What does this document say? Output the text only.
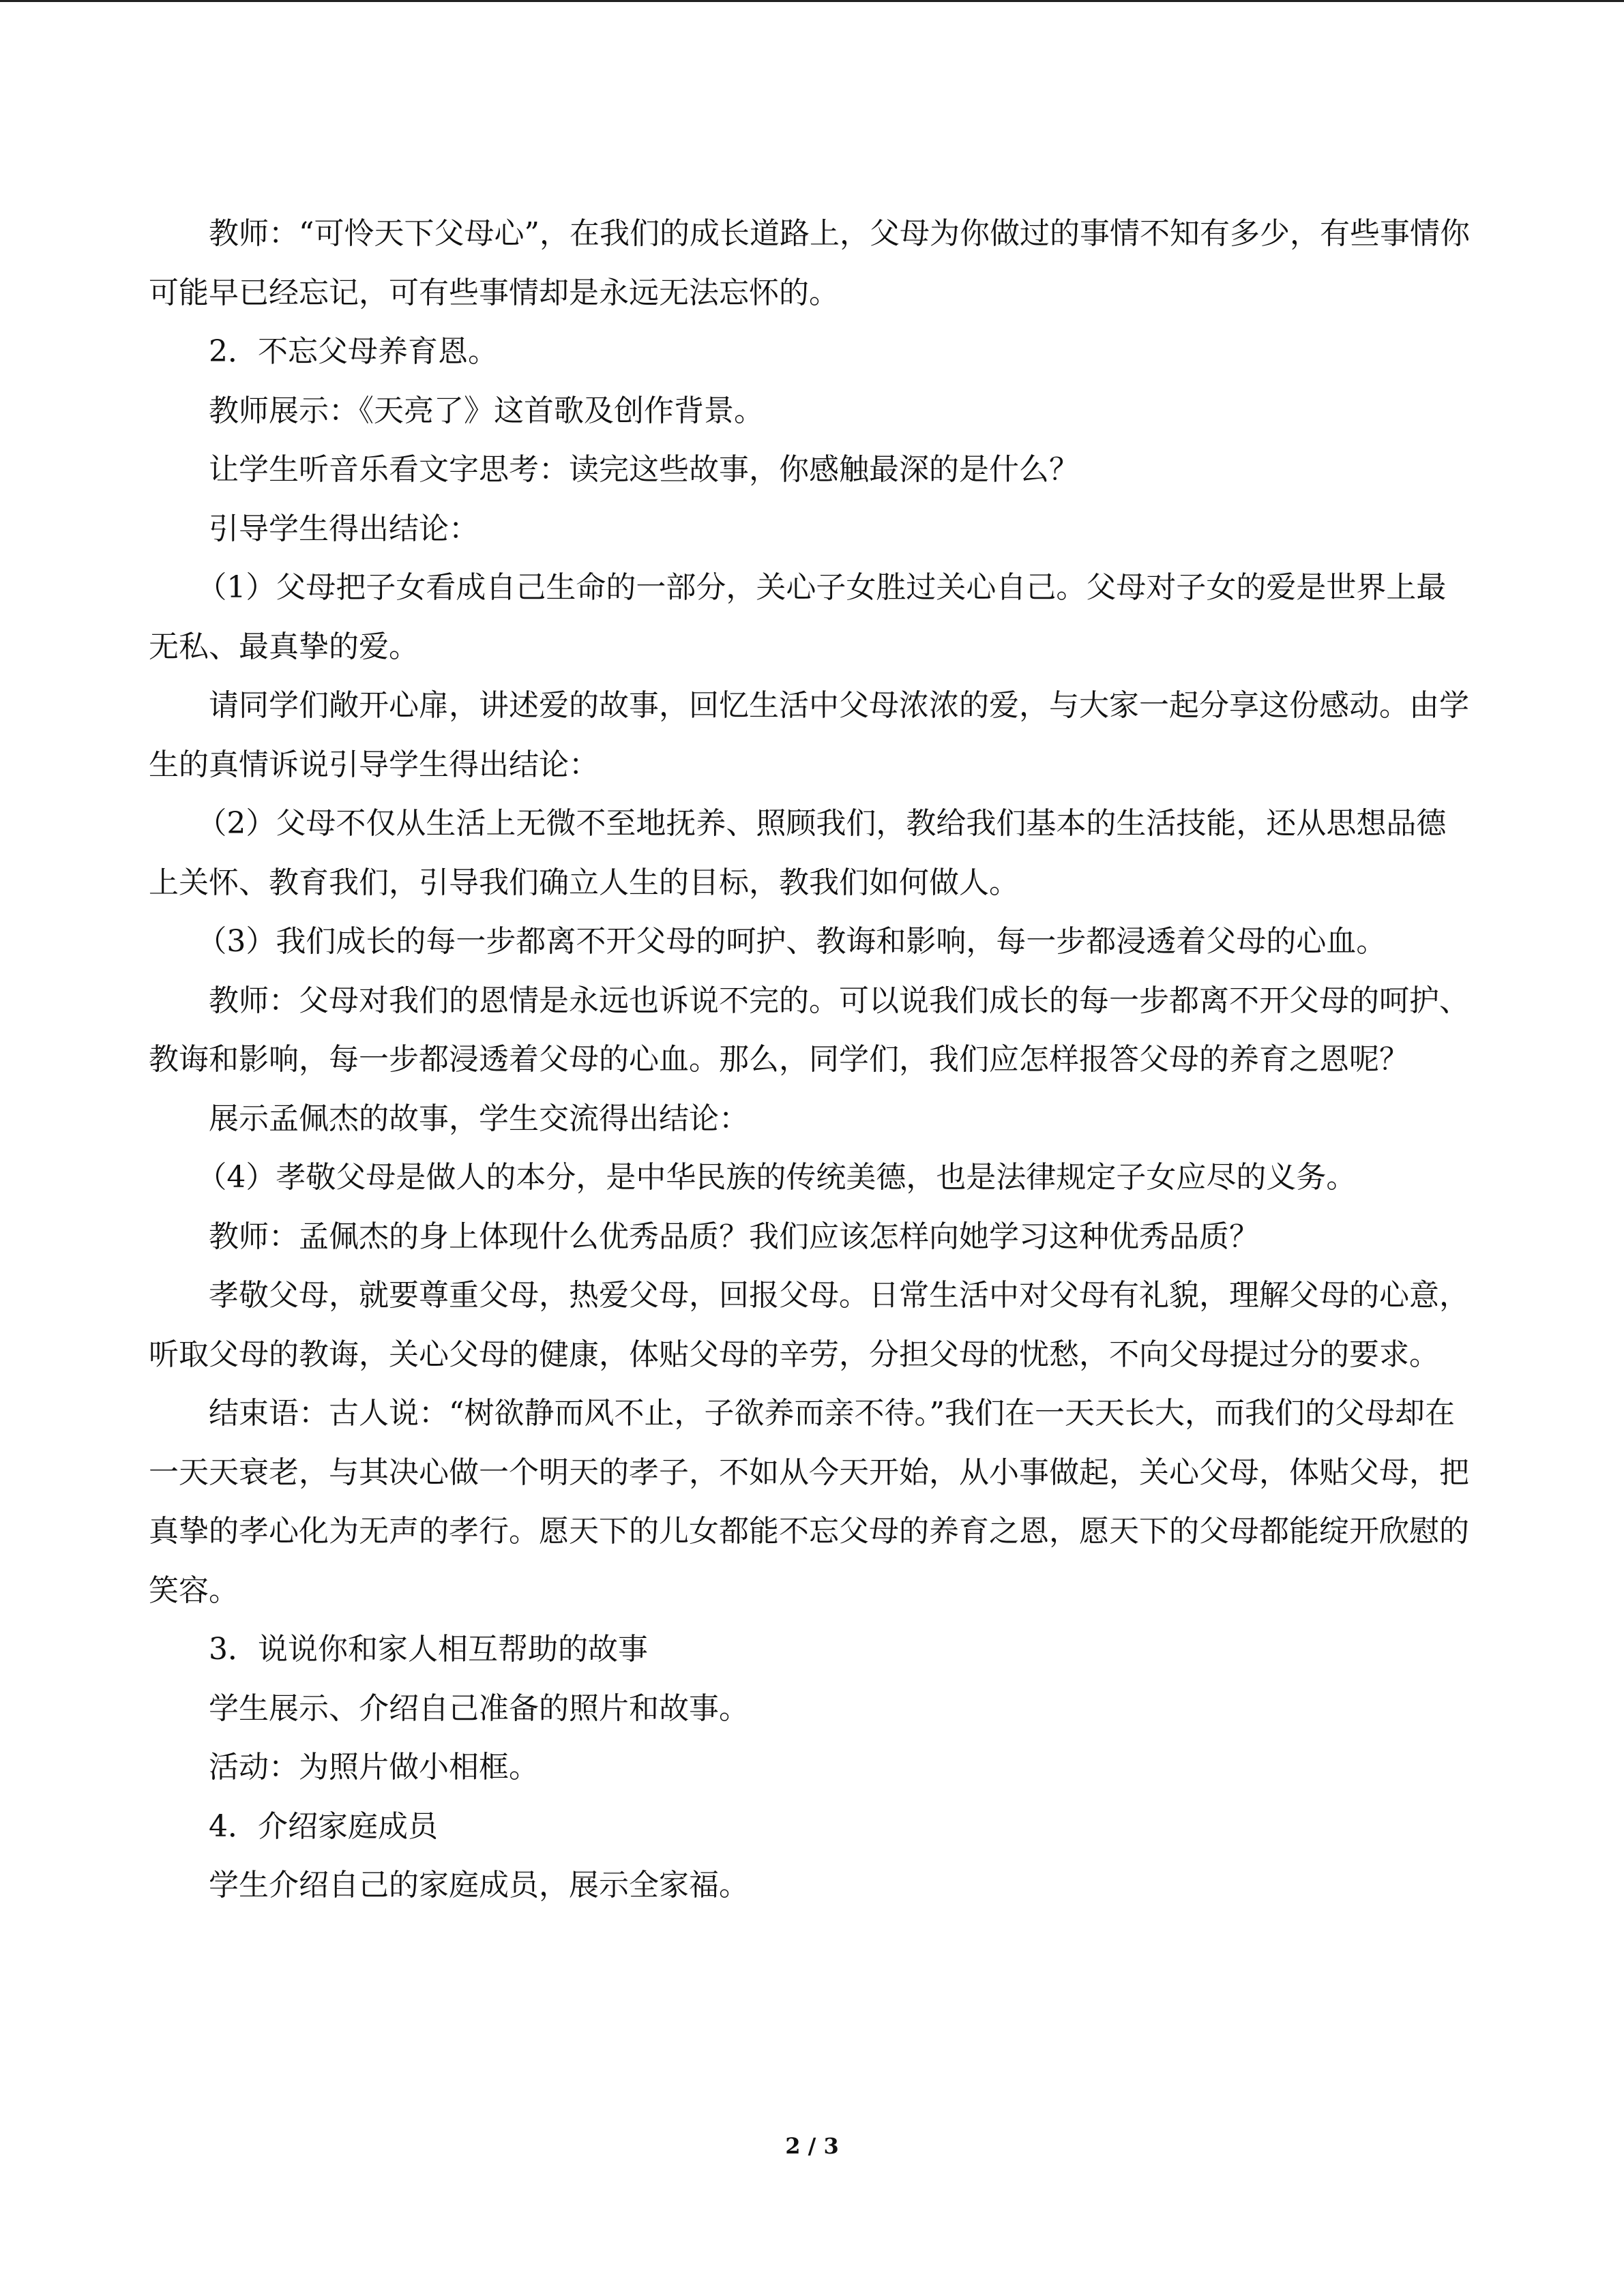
教师：“可怜天下父母心”，在我们的成长道路上，父母为你做过的事情不知有多少，有些事情你可能早已经忘记，可有些事情却是永远无法忘怀的。

2．不忘父母养育恩。

教师展示：《天亮了》这首歌及创作背景。

让学生听音乐看文字思考：读完这些故事，你感触最深的是什么？

引导学生得出结论：

（1）父母把子女看成自己生命的一部分，关心子女胜过关心自己。父母对子女的爱是世界上最无私、最真挚的爱。

请同学们敞开心扉，讲述爱的故事，回忆生活中父母浓浓的爱，与大家一起分享这份感动。由学生的真情诉说引导学生得出结论：

（2）父母不仅从生活上无微不至地抚养、照顾我们，教给我们基本的生活技能，还从思想品德上关怀、教育我们，引导我们确立人生的目标，教我们如何做人。

（3）我们成长的每一步都离不开父母的呵护、教诲和影响，每一步都浸透着父母的心血。

教师：父母对我们的恩情是永远也诉说不完的。可以说我们成长的每一步都离不开父母的呵护、教诲和影响，每一步都浸透着父母的心血。那么，同学们，我们应怎样报答父母的养育之恩呢？

展示孟佩杰的故事，学生交流得出结论：

（4）孝敬父母是做人的本分，是中华民族的传统美德，也是法律规定子女应尽的义务。

教师：孟佩杰的身上体现什么优秀品质？我们应该怎样向她学习这种优秀品质？

孝敬父母，就要尊重父母，热爱父母，回报父母。日常生活中对父母有礼貌，理解父母的心意，听取父母的教诲，关心父母的健康，体贴父母的辛劳，分担父母的忧愁，不向父母提过分的要求。

结束语：古人说：“树欲静而风不止，子欲养而亲不待。”我们在一天天长大，而我们的父母却在一天天衰老，与其决心做一个明天的孝子，不如从今天开始，从小事做起，关心父母，体贴父母，把真挚的孝心化为无声的孝行。愿天下的儿女都能不忘父母的养育之恩，愿天下的父母都能绽开欣慰的笑容。

3．说说你和家人相互帮助的故事

学生展示、介绍自己准备的照片和故事。

活动：为照片做小相框。

4．介绍家庭成员

学生介绍自己的家庭成员，展示全家福。

2 / 3
